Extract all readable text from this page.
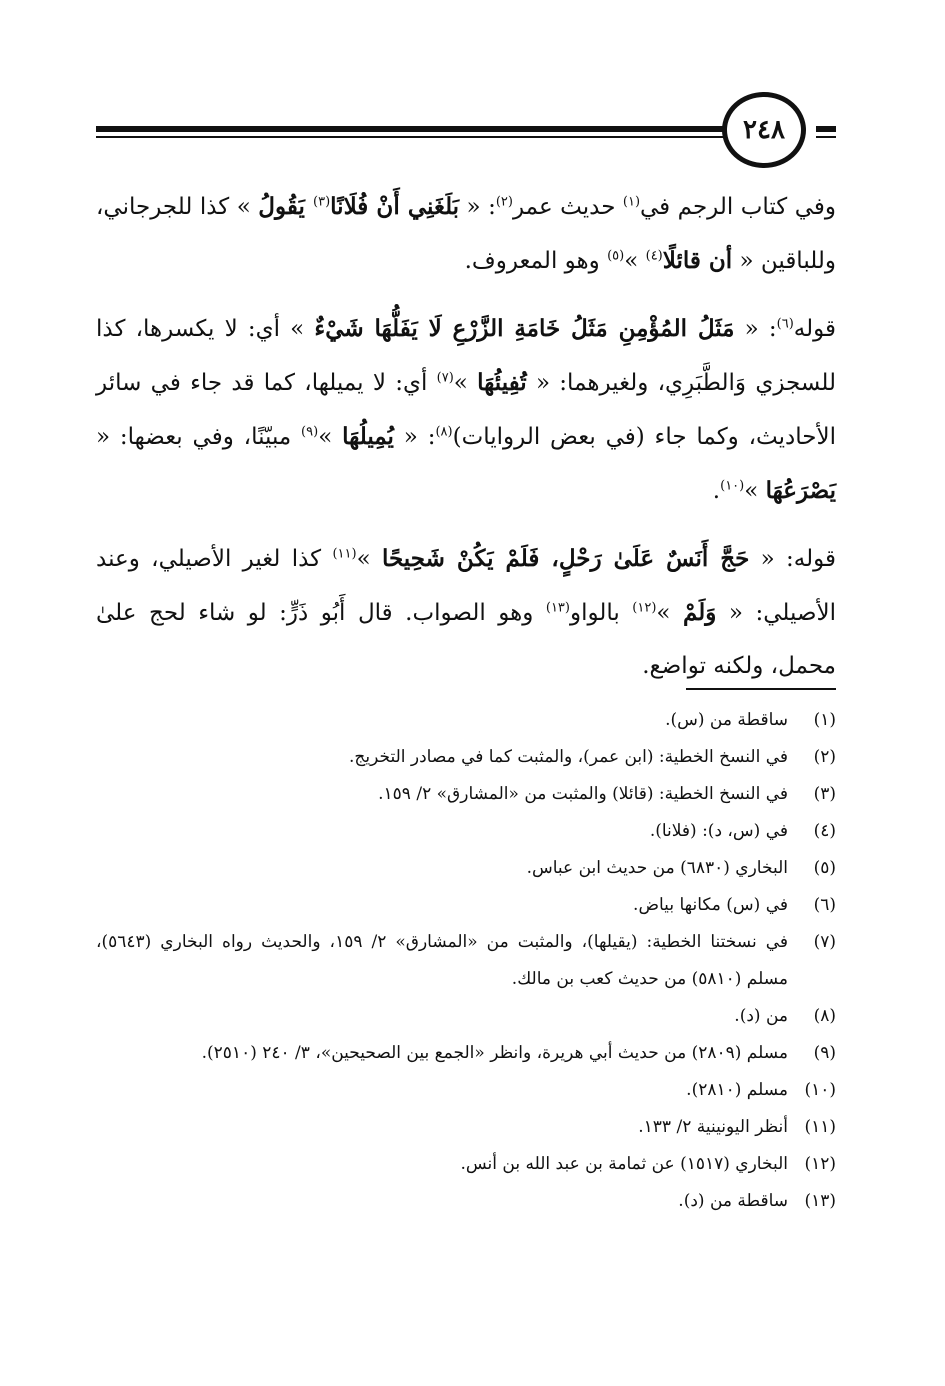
٢٤٨

وفي كتاب الرجم في$^{(١)}$ حديث عمر$^{(٢)}$: « بَلَغَنِي أَنْ فُلَانًا$^{(٣)}$ يَقُولُ » كذا للجرجاني، وللباقين « أن قائلًا$^{(٤)}$ »$^{(٥)}$ وهو المعروف.

قوله$^{(٦)}$: « مَثَلُ المُؤْمِنِ مَثَلُ خَامَةِ الزَّرْعِ لَا يَفَلُّهَا شَيْءٌ » أي: لا يكسرها، كذا للسجزي وَالطَّبَرِي، ولغيرهما: « تُفِيئُهَا »$^{(٧)}$ أي: لا يميلها، كما قد جاء في سائر الأحاديث، وكما جاء (في بعض الروايات)$^{(٨)}$: « يُمِيلُهَا »$^{(٩)}$ مبيّنًا، وفي بعضها: « يَصْرَعُهَا »$^{(١٠)}$.

قوله: « حَجَّ أَنَسٌ عَلَىٰ رَحْلٍ، فَلَمْ يَكُنْ شَحِيحًا »$^{(١١)}$ كذا لغير الأصيلي، وعند الأصيلي: « وَلَمْ »$^{(١٢)}$ بالواو$^{(١٣)}$ وهو الصواب. قال أَبُو ذَرٍّ: لو شاء لحج علىٰ محمل، ولكنه تواضع.

(١)
ساقطة من (س).
(٢)
في النسخ الخطية: (ابن عمر)، والمثبت كما في مصادر التخريج.
(٣)
في النسخ الخطية: (قائلا) والمثبت من «المشارق» ٢/ ١٥٩.
(٤)
في (س، د): (فلانا).
(٥)
البخاري (٦٨٣٠) من حديث ابن عباس.
(٦)
في (س) مكانها بياض.
(٧)
في نسختنا الخطية: (يقيلها)، والمثبت من «المشارق» ٢/ ١٥٩، والحديث رواه البخاري (٥٦٤٣)، مسلم (٥٨١٠) من حديث كعب بن مالك.
(٨)
من (د).
(٩)
مسلم (٢٨٠٩) من حديث أبي هريرة، وانظر «الجمع بين الصحيحين»، ٣/ ٢٤٠ (٢٥١٠).
(١٠)
مسلم (٢٨١٠).
(١١)
أنظر اليونينية ٢/ ١٣٣.
(١٢)
البخاري (١٥١٧) عن ثمامة بن عبد الله بن أنس.
(١٣)
ساقطة من (د).
